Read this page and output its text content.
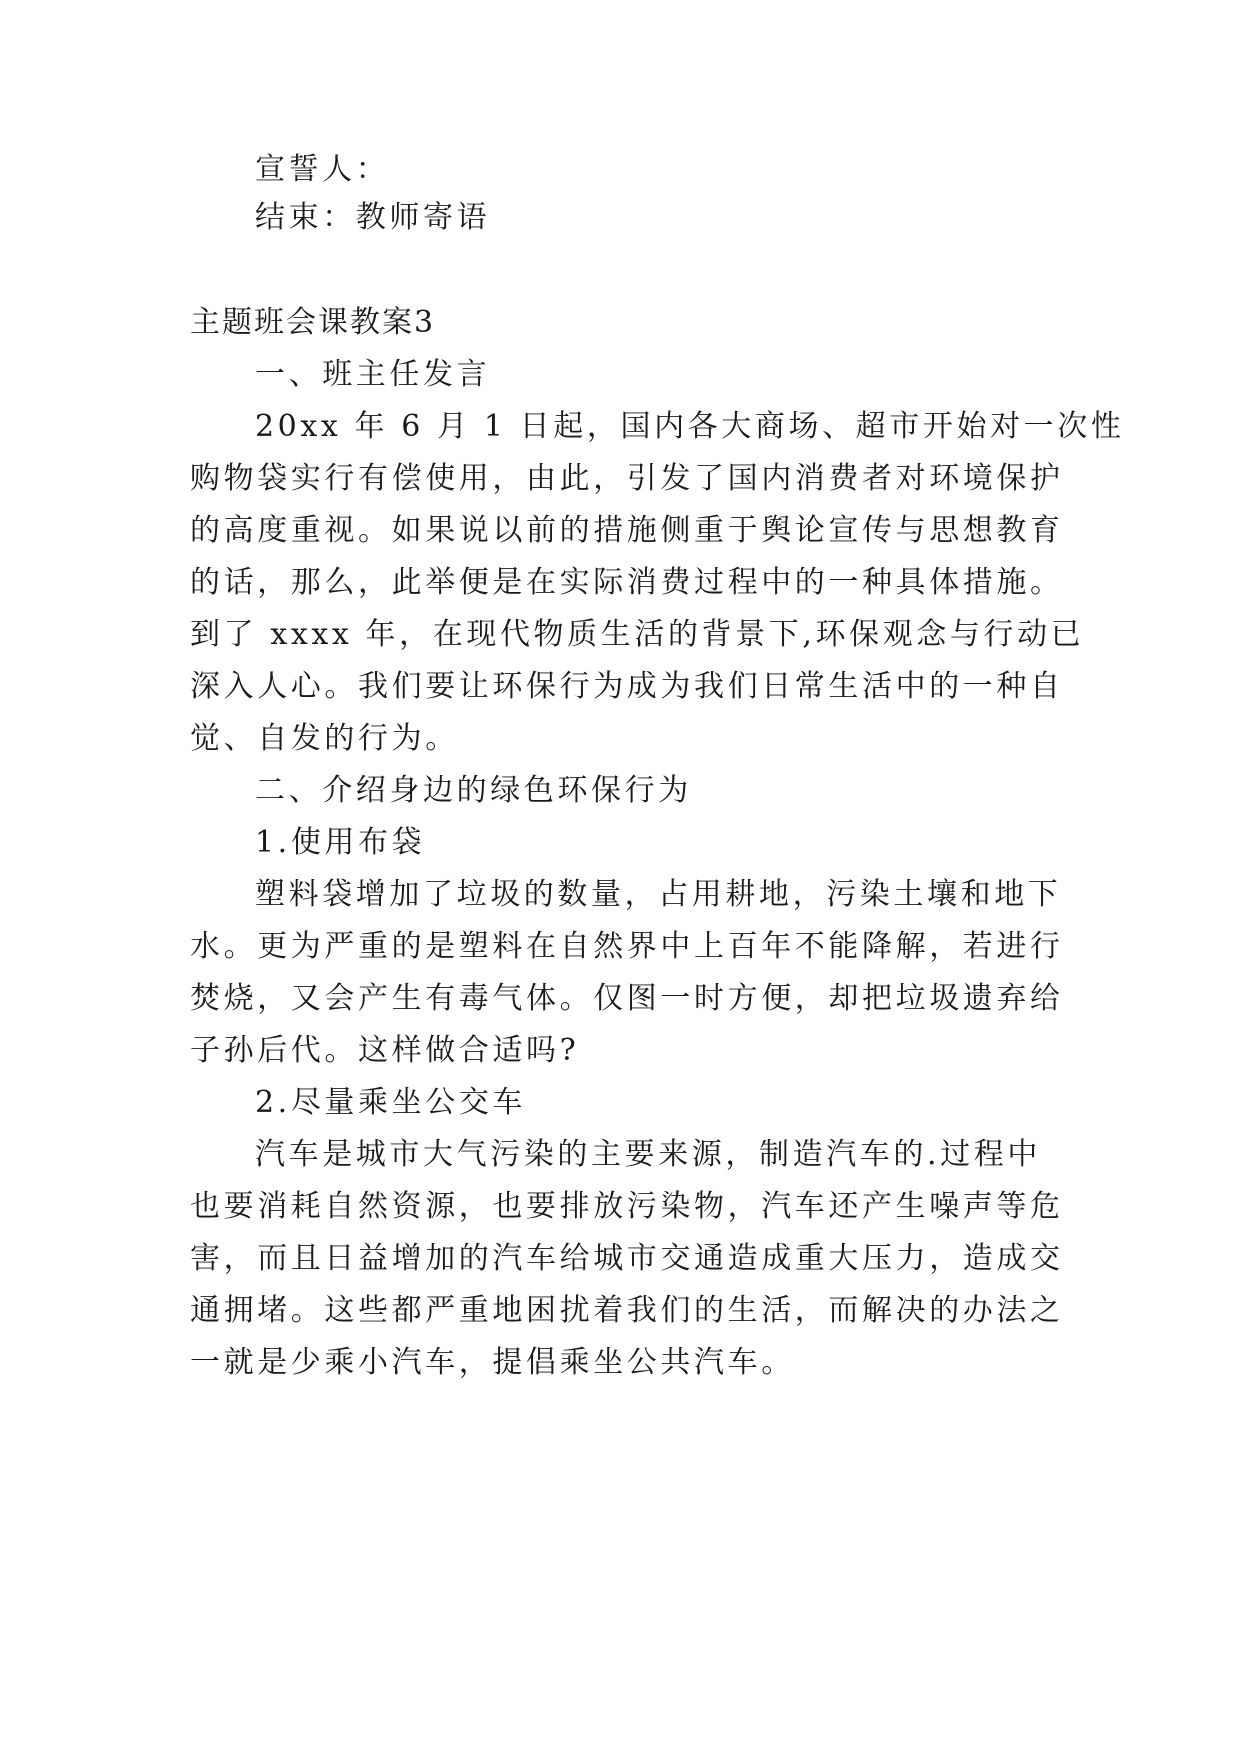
宣誓人：
结束：教师寄语
主题班会课教案3
一、班主任发言
20xx 年 6 月 1 日起，国内各大商场、超市开始对一次性
购物袋实行有偿使用，由此，引发了国内消费者对环境保护
的高度重视。如果说以前的措施侧重于舆论宣传与思想教育
的话，那么，此举便是在实际消费过程中的一种具体措施。
到了 xxxx 年，在现代物质生活的背景下,环保观念与行动已
深入人心。我们要让环保行为成为我们日常生活中的一种自
觉、自发的行为。
二、介绍身边的绿色环保行为
1.使用布袋
塑料袋增加了垃圾的数量，占用耕地，污染土壤和地下
水。更为严重的是塑料在自然界中上百年不能降解，若进行
焚烧，又会产生有毒气体。仅图一时方便，却把垃圾遗弃给
子孙后代。这样做合适吗?
2.尽量乘坐公交车
汽车是城市大气污染的主要来源，制造汽车的.过程中
也要消耗自然资源，也要排放污染物，汽车还产生噪声等危
害，而且日益增加的汽车给城市交通造成重大压力，造成交
通拥堵。这些都严重地困扰着我们的生活，而解决的办法之
一就是少乘小汽车，提倡乘坐公共汽车。
